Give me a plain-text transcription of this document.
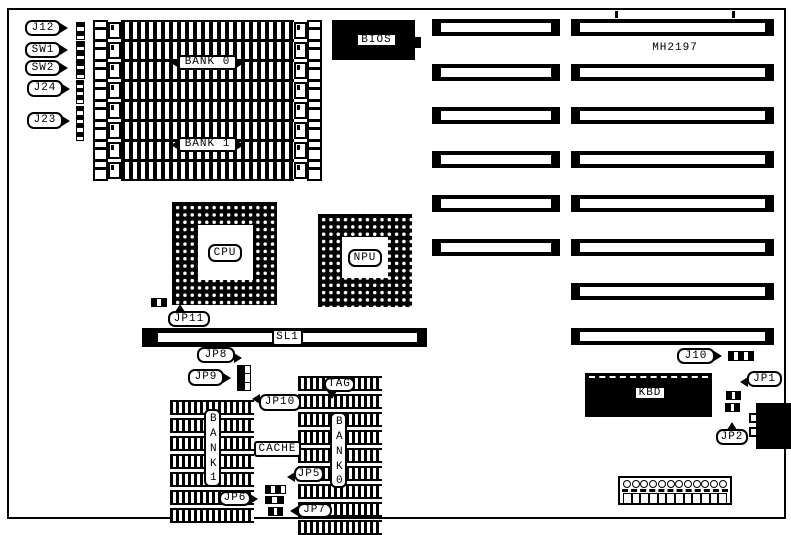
J12
SW1
SW2
J24
J23
BANK 0
BANK 1
BIOS
MH2197
CPU	NPU
JP11
SL1
JP8
JP9
JP10
TAG
BANK1
BANK0
CACHE
JP5
JP6
JP7
J10
KBD
JP1
JP2
